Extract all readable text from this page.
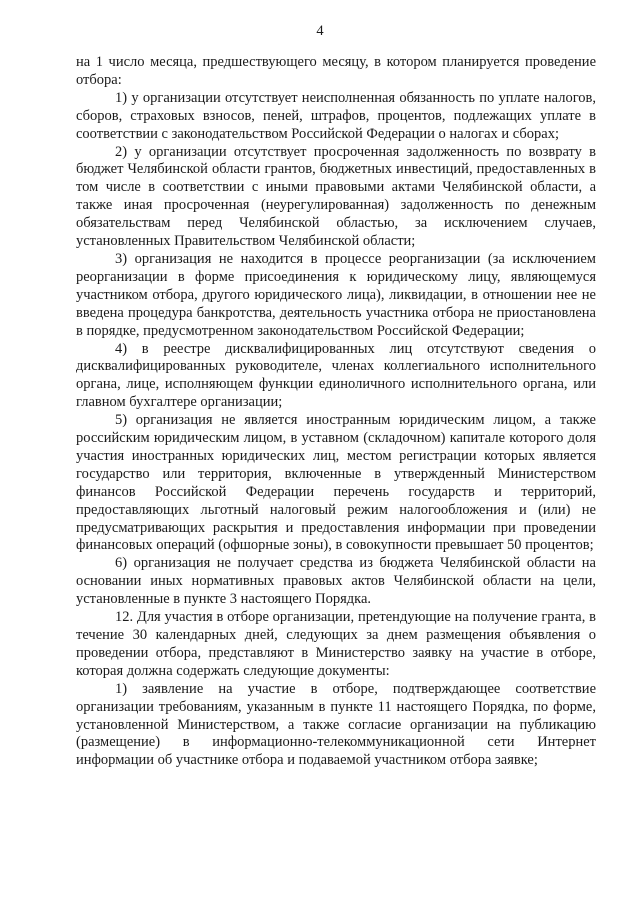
4

на 1 число месяца, предшествующего месяцу, в котором планируется проведение отбора:

1) у организации отсутствует неисполненная обязанность по уплате налогов, сборов, страховых взносов, пеней, штрафов, процентов, подлежащих уплате в соответствии с законодательством Российской Федерации о налогах и сборах;

2) у организации отсутствует просроченная задолженность по возврату в бюджет Челябинской области грантов, бюджетных инвестиций, предоставленных в том числе в соответствии с иными правовыми актами Челябинской области, а также иная просроченная (неурегулированная) задолженность по денежным обязательствам перед Челябинской областью, за исключением случаев, установленных Правительством Челябинской области;

3) организация не находится в процессе реорганизации (за исключением реорганизации в форме присоединения к юридическому лицу, являющемуся участником отбора, другого юридического лица), ликвидации, в отношении нее не введена процедура банкротства, деятельность участника отбора не приостановлена в порядке, предусмотренном законодательством Российской Федерации;

4) в реестре дисквалифицированных лиц отсутствуют сведения о дисквалифицированных руководителе, членах коллегиального исполнительного органа, лице, исполняющем функции единоличного исполнительного органа, или главном бухгалтере организации;

5) организация не является иностранным юридическим лицом, а также российским юридическим лицом, в уставном (складочном) капитале которого доля участия иностранных юридических лиц, местом регистрации которых является государство или территория, включенные в утвержденный Министерством финансов Российской Федерации перечень государств и территорий, предоставляющих льготный налоговый режим налогообложения и (или) не предусматривающих раскрытия и предоставления информации при проведении финансовых операций (офшорные зоны), в совокупности превышает 50 процентов;

6) организация не получает средства из бюджета Челябинской области на основании иных нормативных правовых актов Челябинской области на цели, установленные в пункте 3 настоящего Порядка.

12. Для участия в отборе организации, претендующие на получение гранта, в течение 30 календарных дней, следующих за днем размещения объявления о проведении отбора, представляют в Министерство заявку на участие в отборе, которая должна содержать следующие документы:

1) заявление на участие в отборе, подтверждающее соответствие организации требованиям, указанным в пункте 11 настоящего Порядка, по форме, установленной Министерством, а также согласие организации на публикацию (размещение) в информационно-телекоммуникационной сети Интернет информации об участнике отбора и подаваемой участником отбора заявке;
